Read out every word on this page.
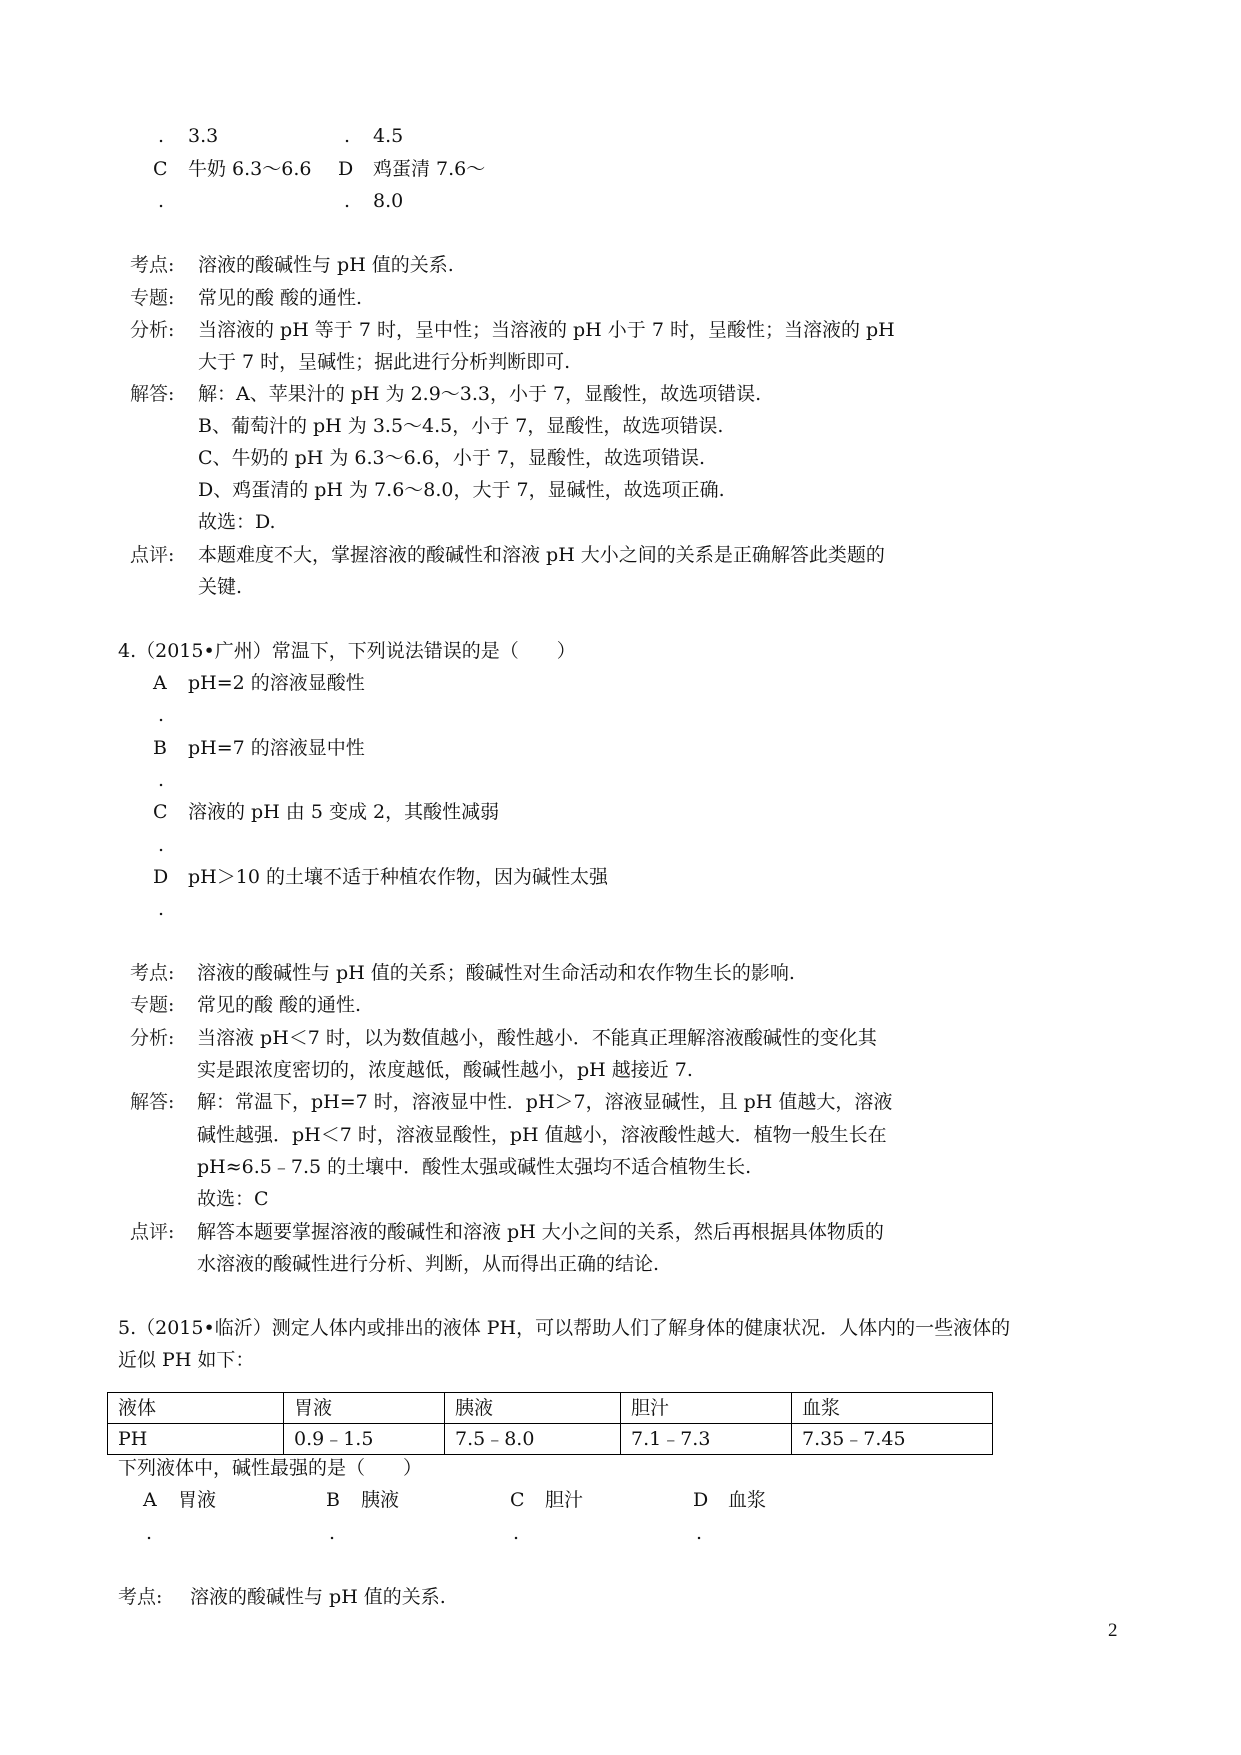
. 3.3	. 4.5
C 牛奶 6.3～6.6 D 鸡蛋清 7.6～
.	. 8.0
考点: 溶液的酸碱性与 pH 值的关系.
专题: 常见的酸 酸的通性.
分析: 当溶液的 pH 等于 7 时，呈中性；当溶液的 pH 小于 7 时，呈酸性；当溶液的 pH
大于 7 时，呈碱性；据此进行分析判断即可.
解答: 解：A、苹果汁的 pH 为 2.9～3.3，小于 7，显酸性，故选项错误.
B、葡萄汁的 pH 为 3.5～4.5，小于 7，显酸性，故选项错误.
C、牛奶的 pH 为 6.3～6.6，小于 7，显酸性，故选项错误.
D、鸡蛋清的 pH 为 7.6～8.0，大于 7，显碱性，故选项正确.
故选：D.
点评: 本题难度不大，掌握溶液的酸碱性和溶液 pH 大小之间的关系是正确解答此类题的
关键.
4.（2015•广州）常温下，下列说法错误的是（　　）
A pH=2 的溶液显酸性
.
B pH=7 的溶液显中性
.
C 溶液的 pH 由 5 变成 2，其酸性减弱
.
D pH＞10 的土壤不适于种植农作物，因为碱性太强
.
考点: 溶液的酸碱性与 pH 值的关系；酸碱性对生命活动和农作物生长的影响.
专题: 常见的酸 酸的通性.
分析: 当溶液 pH＜7 时，以为数值越小，酸性越小．不能真正理解溶液酸碱性的变化其
实是跟浓度密切的，浓度越低，酸碱性越小，pH 越接近 7.
解答: 解：常温下，pH=7 时，溶液显中性．pH＞7，溶液显碱性，且 pH 值越大，溶液
碱性越强．pH＜7 时，溶液显酸性，pH 值越小，溶液酸性越大．植物一般生长在
pH≈6.5﹣7.5 的土壤中．酸性太强或碱性太强均不适合植物生长.
故选：C
点评: 解答本题要掌握溶液的酸碱性和溶液 pH 大小之间的关系，然后再根据具体物质的
水溶液的酸碱性进行分析、判断，从而得出正确的结论.
5.（2015•临沂）测定人体内或排出的液体 PH，可以帮助人们了解身体的健康状况．人体内的一些液体的
近似 PH 如下：
液体	胃液	胰液	胆汁	血浆
PH	0.9﹣1.5	7.5﹣8.0	7.1﹣7.3	7.35﹣7.45
下列液体中，碱性最强的是（　　）
A 胃液
.
B 胰液
.
C 胆汁
.
D 血浆
.
考点: 溶液的酸碱性与 pH 值的关系.
2
